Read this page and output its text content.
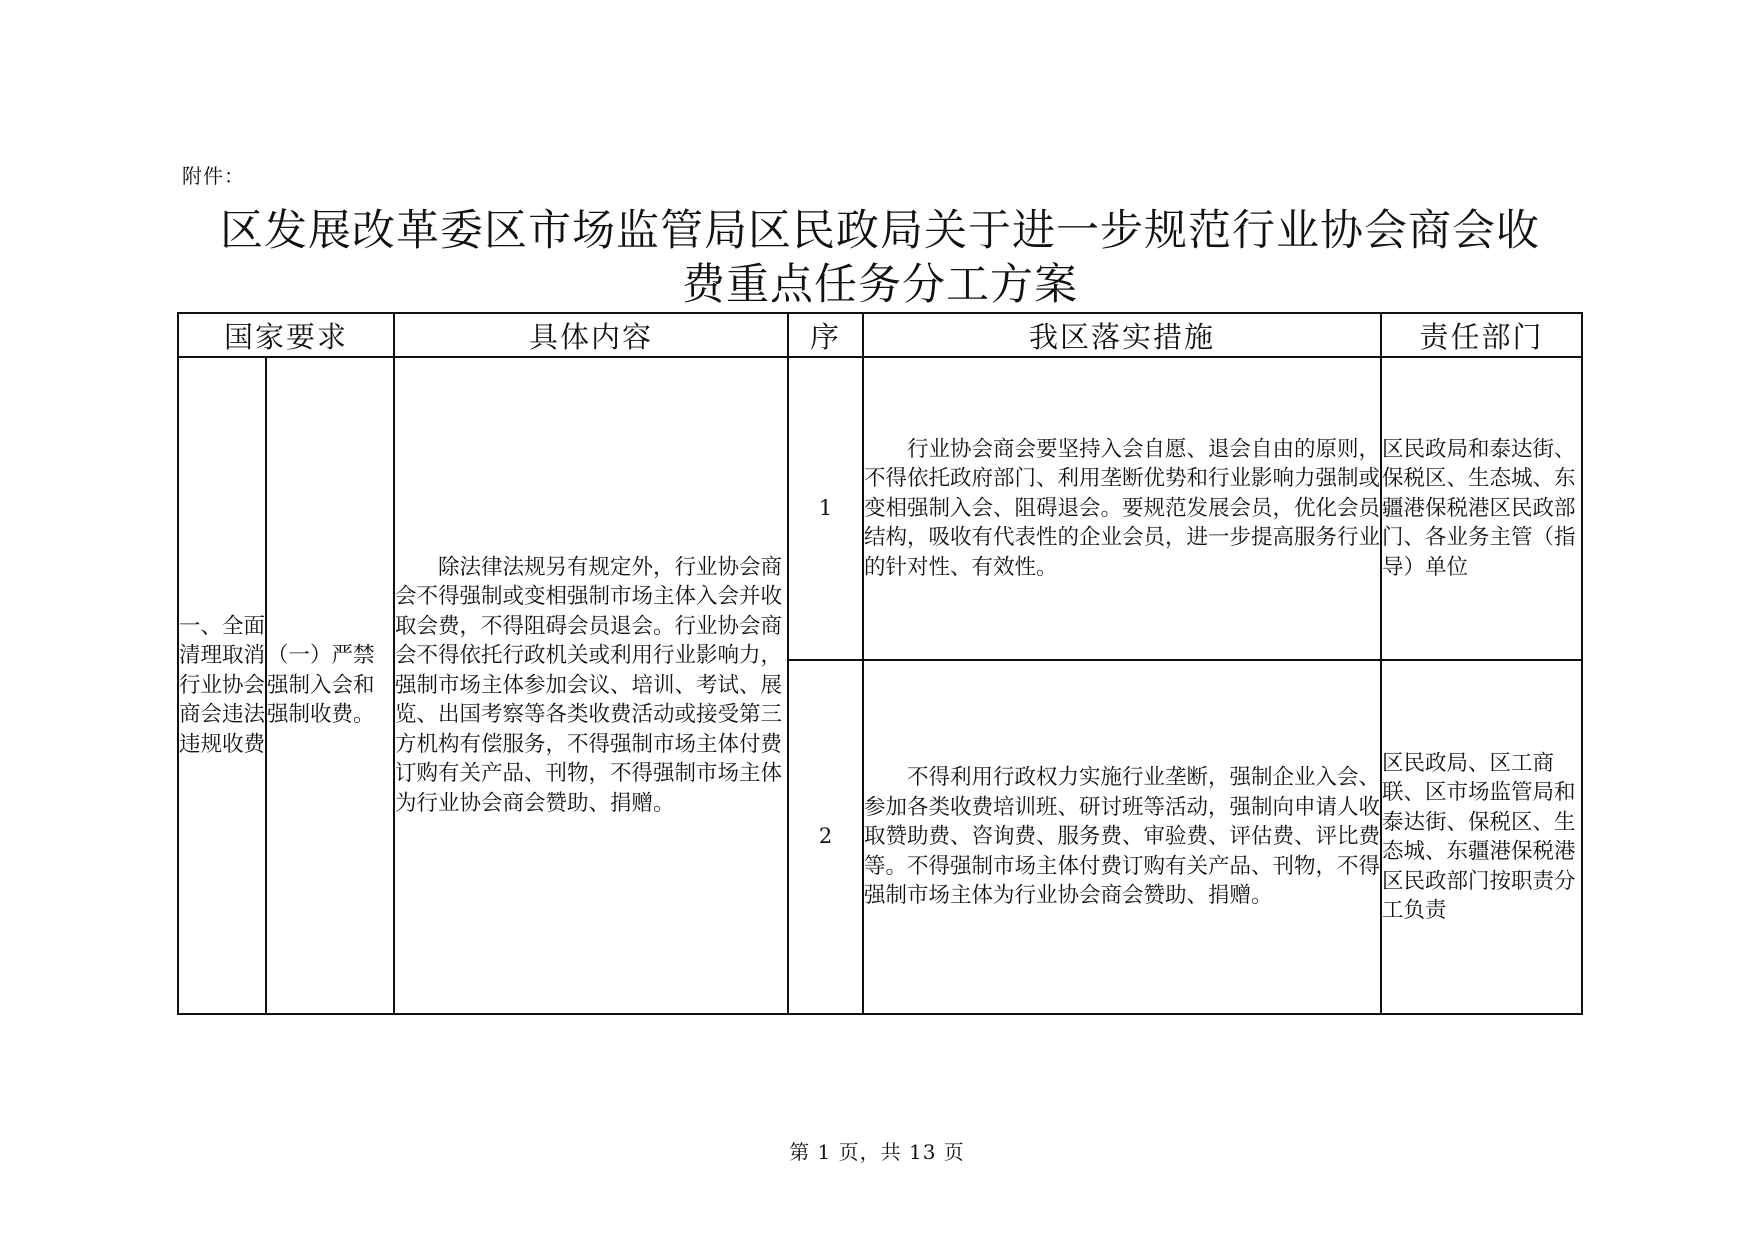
附件：
区发展改革委区市场监管局区民政局关于进一步规范行业协会商会收
费重点任务分工方案
国家要求		具体内容	序	我区落实措施	责任部门
一、全面清理取消行业协会商会违法违规收费	（一）严禁强制入会和强制收费。	除法律法规另有规定外，行业协会商会不得强制或变相强制市场主体入会并收取会费，不得阻碍会员退会。行业协会商会不得依托行政机关或利用行业影响力，强制市场主体参加会议、培训、考试、展览、出国考察等各类收费活动或接受第三方机构有偿服务，不得强制市场主体付费订购有关产品、刊物，不得强制市场主体为行业协会商会赞助、捐赠。	1	行业协会商会要坚持入会自愿、退会自由的原则，不得依托政府部门、利用垄断优势和行业影响力强制或变相强制入会、阻碍退会。要规范发展会员，优化会员结构，吸收有代表性的企业会员，进一步提高服务行业的针对性、有效性。	区民政局和泰达街、保税区、生态城、东疆港保税港区民政部门、各业务主管（指导）单位
			2	不得利用行政权力实施行业垄断，强制企业入会、参加各类收费培训班、研讨班等活动，强制向申请人收取赞助费、咨询费、服务费、审验费、评估费、评比费等。不得强制市场主体付费订购有关产品、刊物，不得强制市场主体为行业协会商会赞助、捐赠。	区民政局、区工商联、区市场监管局和泰达街、保税区、生态城、东疆港保税港区民政部门按职责分工负责
第 1 页，共 13 页
